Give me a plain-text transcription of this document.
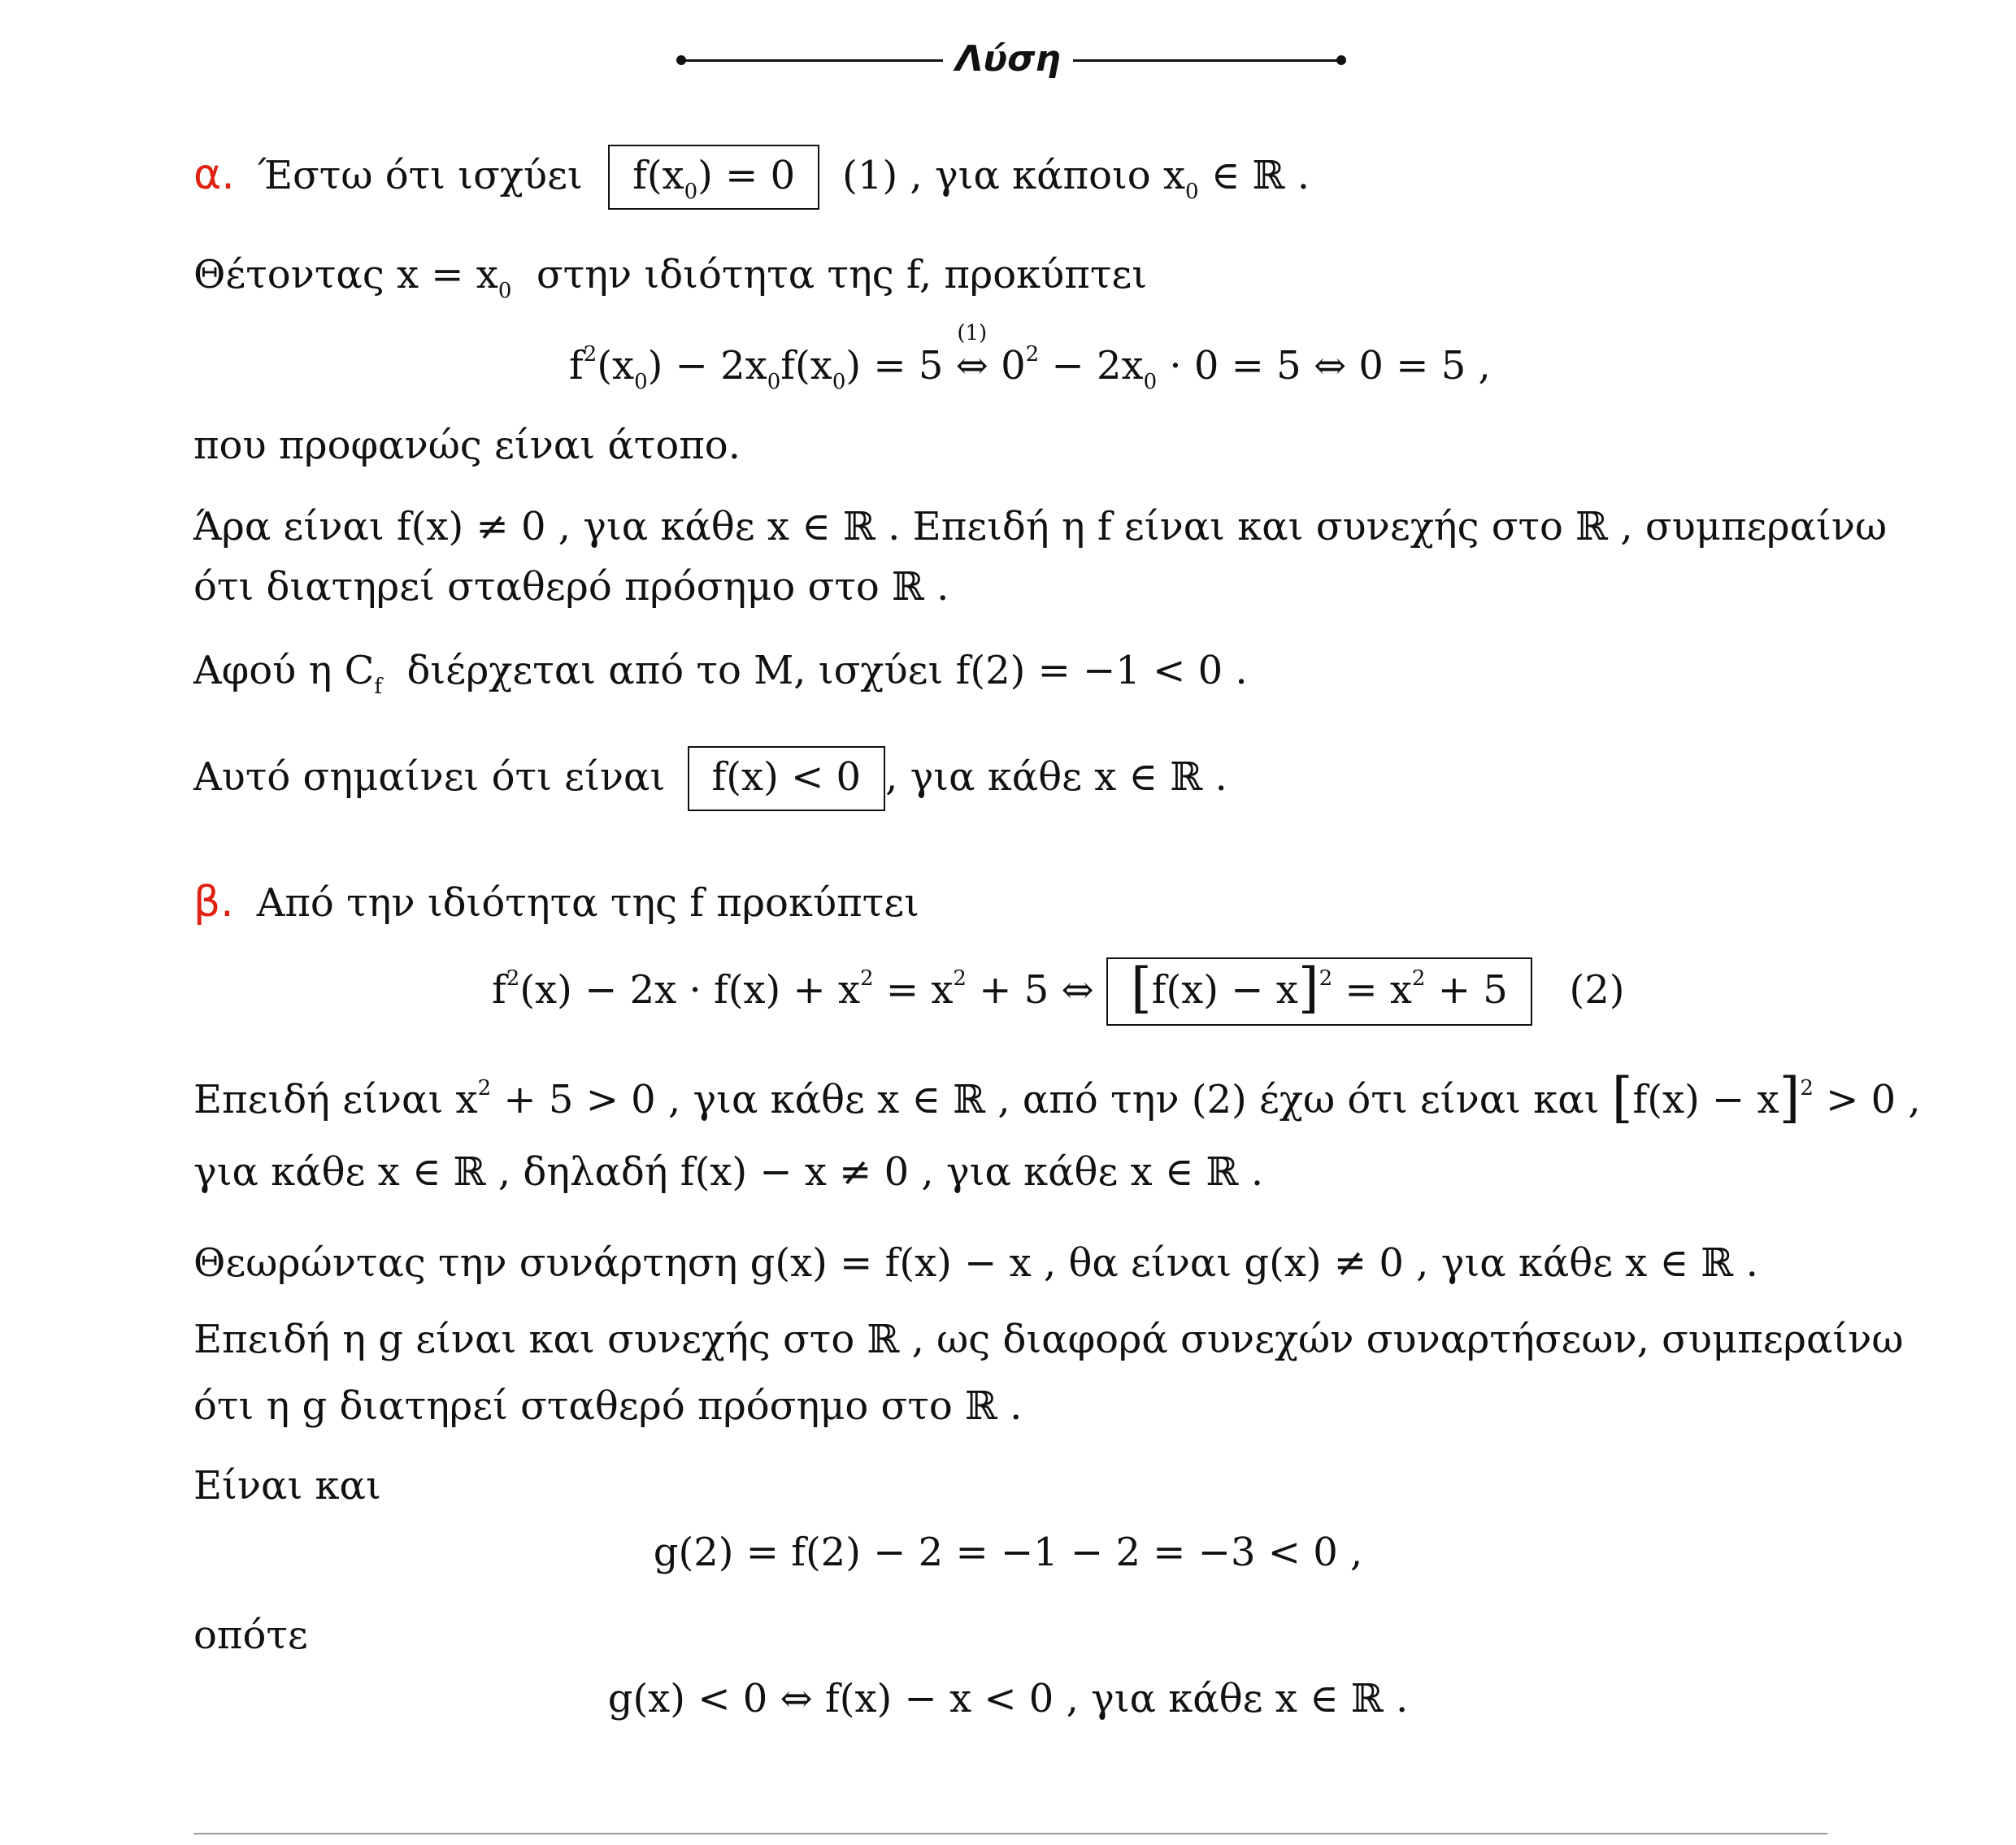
Λύση
α. Έστω ότι ισχύει $f(x_0) = 0$ (1) , για κάποιο $x_0$ ∈ ℝ .
Θέτοντας $x = x_0$ στην ιδιότητα της f, προκύπτει
$f^2(x_0) - 2x_0f(x_0) = 5$
(1)
⇔ $0^2 - 2x_0 \cdot 0 = 5$ ⇔ 0 = 5 ,
που προφανώς είναι άτοπο.
Άρα είναι f(x) ≠ 0 , για κάθε x ∈ ℝ . Επειδή η f είναι και συνεχής στο ℝ , συμπεραίνω
ότι διατηρεί σταθερό πρόσημο στο ℝ .
Αφού η $C_f$ διέρχεται από το Μ, ισχύει f(2) = −1 < 0 .
Αυτό σημαίνει ότι είναι f(x) < 0 , για κάθε x ∈ ℝ .
β. Από την ιδιότητα της f προκύπτει
$f^2(x) - 2x \cdot f(x) + x^2 = x^2 + 5$ ⇔ $[f(x) - x]^2 = x^2 + 5$ (2)
Επειδή είναι $x^2 + 5 > 0$ , για κάθε x ∈ ℝ , από την (2) έχω ότι είναι και $[f(x) - x]^2 > 0$ ,
για κάθε x ∈ ℝ , δηλαδή f(x) − x ≠ 0 , για κάθε x ∈ ℝ .
Θεωρώντας την συνάρτηση g(x) = f(x) − x , θα είναι g(x) ≠ 0 , για κάθε x ∈ ℝ .
Επειδή η g είναι και συνεχής στο ℝ , ως διαφορά συνεχών συναρτήσεων, συμπεραίνω
ότι η g διατηρεί σταθερό πρόσημο στο ℝ .
Είναι και
g(2) = f(2) − 2 = −1 − 2 = −3 < 0 ,
οπότε
g(x) < 0 ⇔ f(x) − x < 0 , για κάθε x ∈ ℝ .
